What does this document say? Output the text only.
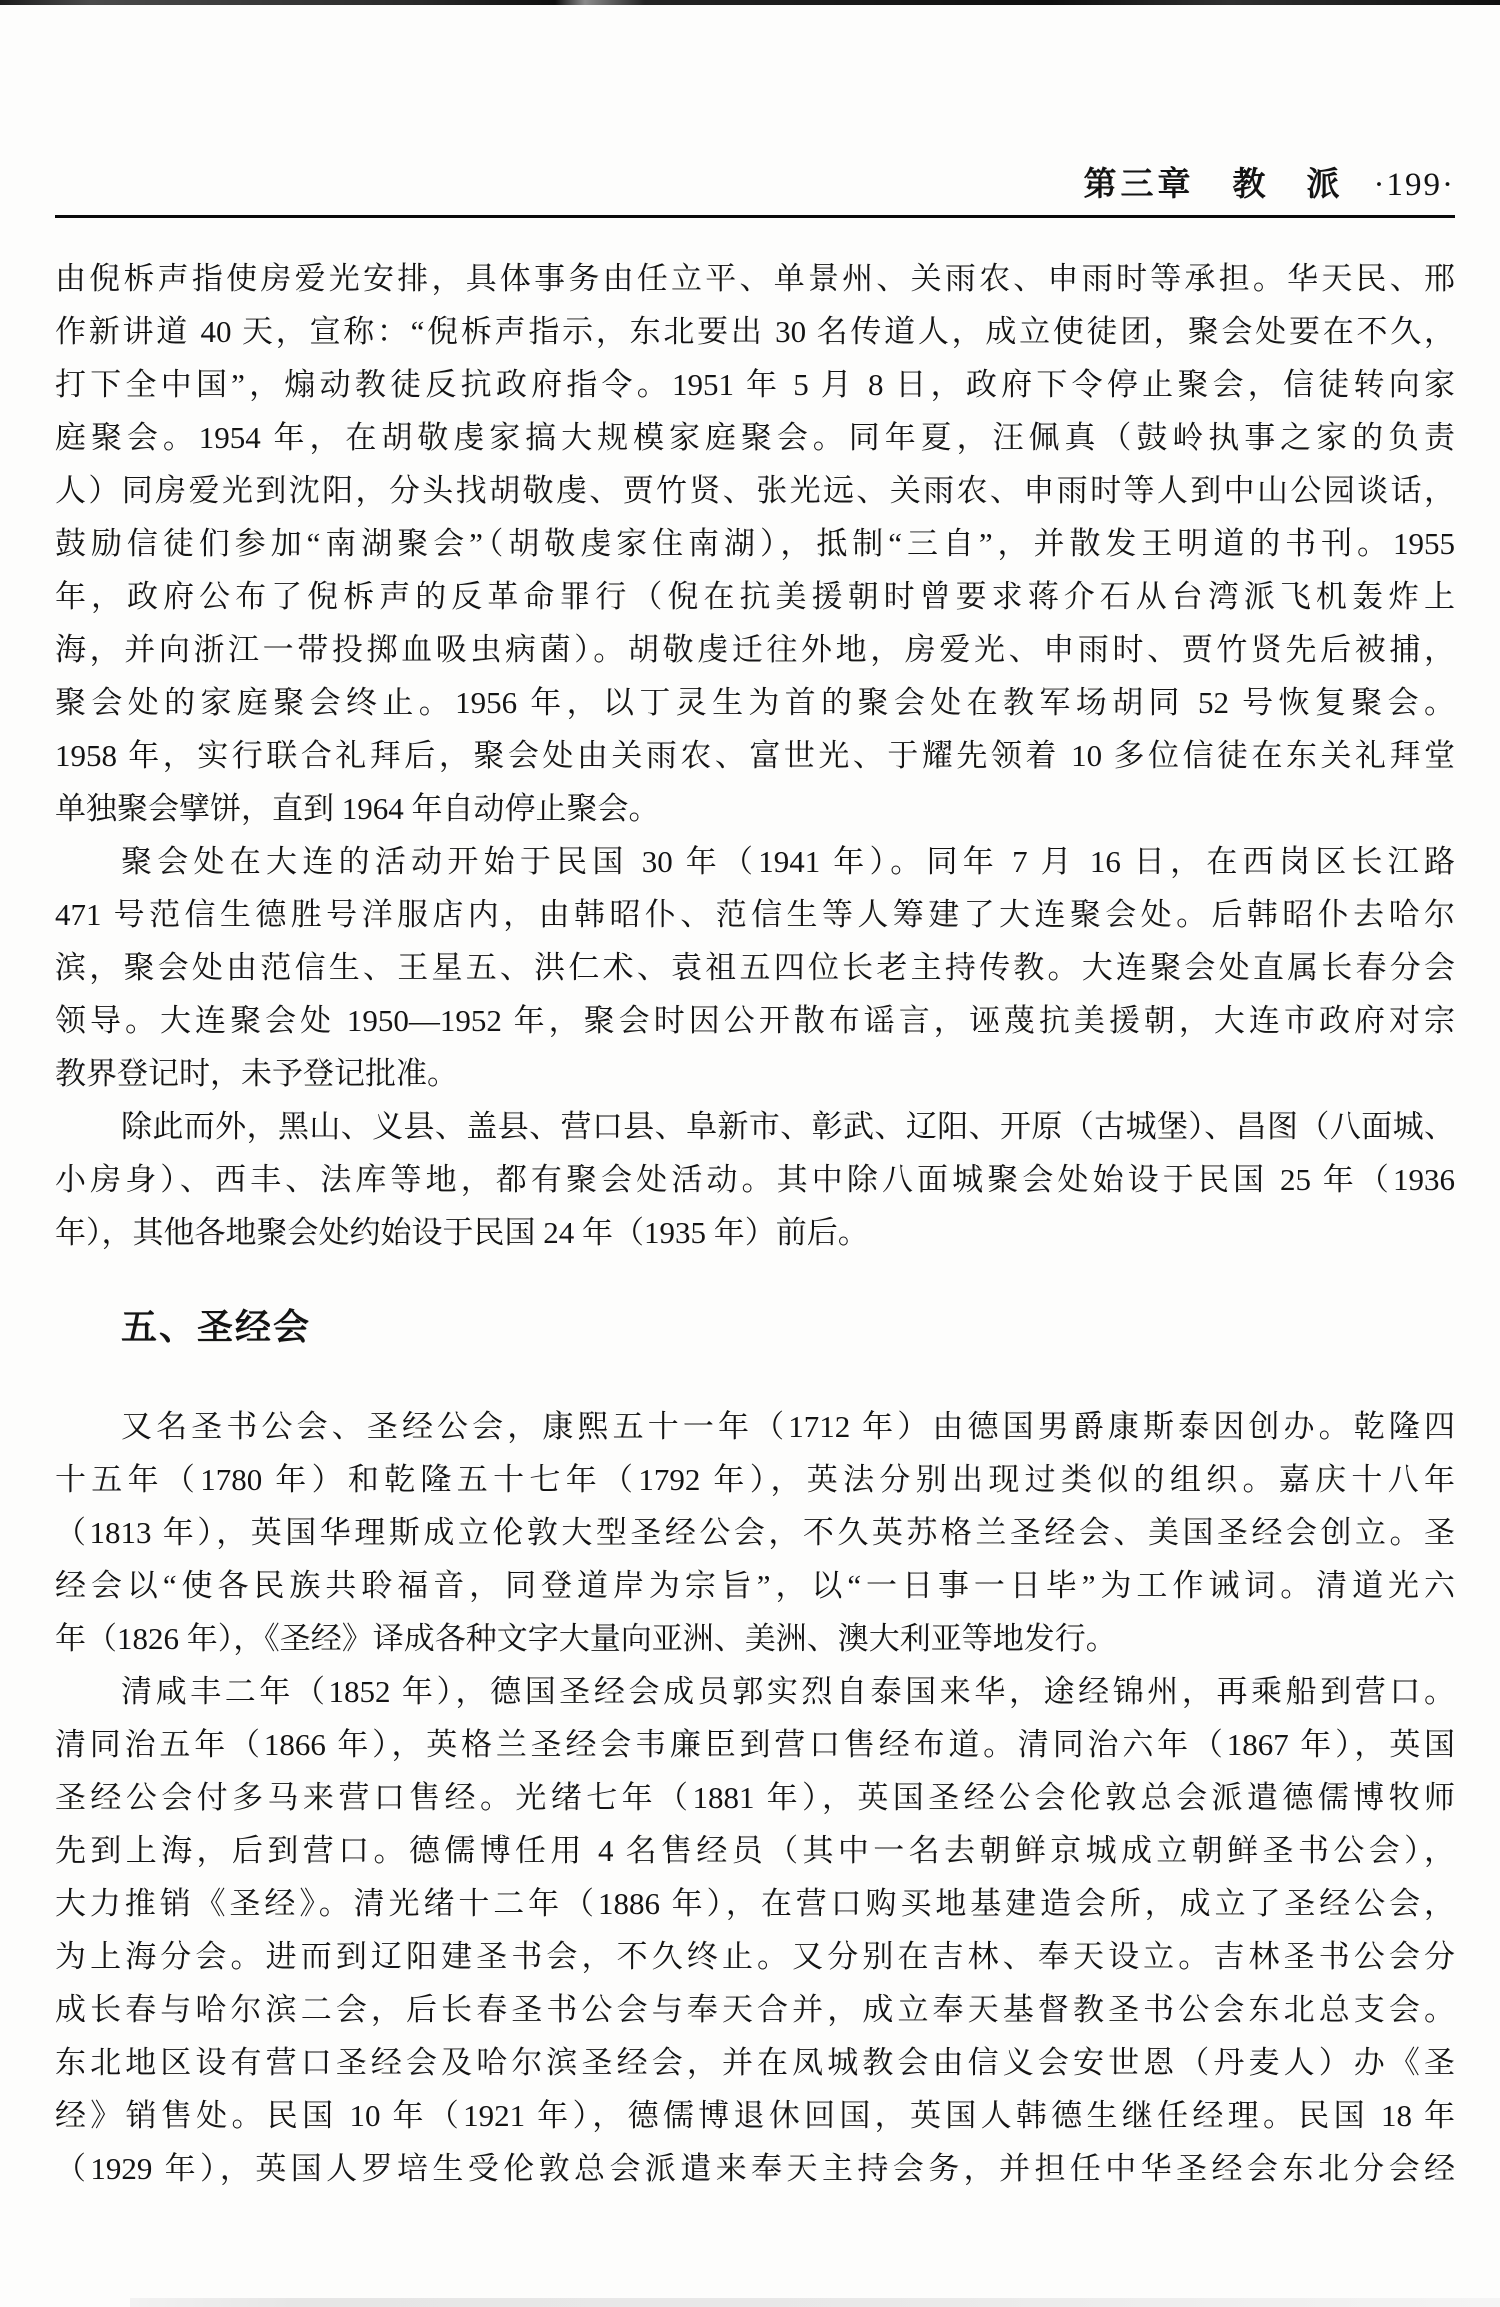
第三章 教　派 ·199·
由倪柝声指使房爱光安排，具体事务由任立平、单景州、关雨农、申雨时等承担。华天民、邢
作新讲道 40 天，宣称：“倪柝声指示，东北要出 30 名传道人，成立使徒团，聚会处要在不久，
打下全中国”，煽动教徒反抗政府指令。1951 年 5 月 8 日，政府下令停止聚会，信徒转向家
庭聚会。1954 年，在胡敬虔家搞大规模家庭聚会。同年夏，汪佩真（鼓岭执事之家的负责
人）同房爱光到沈阳，分头找胡敬虔、贾竹贤、张光远、关雨农、申雨时等人到中山公园谈话，
鼓励信徒们参加“南湖聚会”（胡敬虔家住南湖），抵制“三自”，并散发王明道的书刊。1955
年，政府公布了倪柝声的反革命罪行（倪在抗美援朝时曾要求蒋介石从台湾派飞机轰炸上
海，并向浙江一带投掷血吸虫病菌）。胡敬虔迁往外地，房爱光、申雨时、贾竹贤先后被捕，
聚会处的家庭聚会终止。1956 年，以丁灵生为首的聚会处在教军场胡同 52 号恢复聚会。
1958 年，实行联合礼拜后，聚会处由关雨农、富世光、于耀先领着 10 多位信徒在东关礼拜堂
单独聚会擘饼，直到 1964 年自动停止聚会。
聚会处在大连的活动开始于民国 30 年（1941 年）。同年 7 月 16 日，在西岗区长江路
471 号范信生德胜号洋服店内，由韩昭仆、范信生等人筹建了大连聚会处。后韩昭仆去哈尔
滨，聚会处由范信生、王星五、洪仁术、袁祖五四位长老主持传教。大连聚会处直属长春分会
领导。大连聚会处 1950—1952 年，聚会时因公开散布谣言，诬蔑抗美援朝，大连市政府对宗
教界登记时，未予登记批准。
除此而外，黑山、义县、盖县、营口县、阜新市、彰武、辽阳、开原（古城堡）、昌图（八面城、
小房身）、西丰、法库等地，都有聚会处活动。其中除八面城聚会处始设于民国 25 年（1936
年），其他各地聚会处约始设于民国 24 年（1935 年）前后。
五、圣经会
又名圣书公会、圣经公会，康熙五十一年（1712 年）由德国男爵康斯泰因创办。乾隆四
十五年（1780 年）和乾隆五十七年（1792 年），英法分别出现过类似的组织。嘉庆十八年
（1813 年），英国华理斯成立伦敦大型圣经公会，不久英苏格兰圣经会、美国圣经会创立。圣
经会以“使各民族共聆福音，同登道岸为宗旨”，以“一日事一日毕”为工作诫词。清道光六
年（1826 年），《圣经》译成各种文字大量向亚洲、美洲、澳大利亚等地发行。
清咸丰二年（1852 年），德国圣经会成员郭实烈自泰国来华，途经锦州，再乘船到营口。
清同治五年（1866 年），英格兰圣经会韦廉臣到营口售经布道。清同治六年（1867 年），英国
圣经公会付多马来营口售经。光绪七年（1881 年），英国圣经公会伦敦总会派遣德儒博牧师
先到上海，后到营口。德儒博任用 4 名售经员（其中一名去朝鲜京城成立朝鲜圣书公会），
大力推销《圣经》。清光绪十二年（1886 年），在营口购买地基建造会所，成立了圣经公会，
为上海分会。进而到辽阳建圣书会，不久终止。又分别在吉林、奉天设立。吉林圣书公会分
成长春与哈尔滨二会，后长春圣书公会与奉天合并，成立奉天基督教圣书公会东北总支会。
东北地区设有营口圣经会及哈尔滨圣经会，并在凤城教会由信义会安世恩（丹麦人）办《圣
经》销售处。民国 10 年（1921 年），德儒博退休回国，英国人韩德生继任经理。民国 18 年
（1929 年），英国人罗培生受伦敦总会派遣来奉天主持会务，并担任中华圣经会东北分会经
